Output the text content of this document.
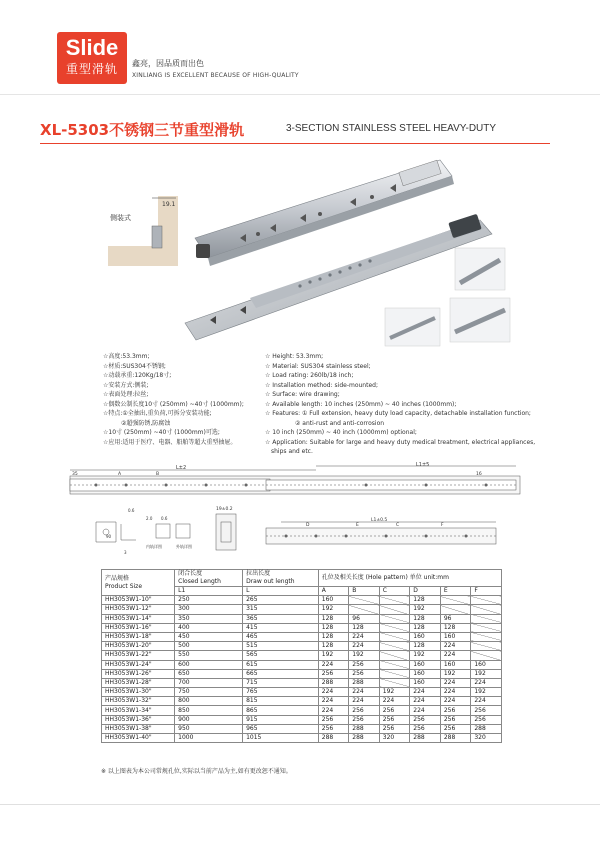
Slide
重型滑轨	鑫亮，因品质而出色
XINLIANG IS EXCELLENT BECAUSE OF HIGH-QUALITY
XL-5303不锈钢三节重型滑轨	3-SECTION STAINLESS STEEL HEAVY-DUTY
19.1
侧装式
☆高度:53.3mm;
☆材质:SUS304不锈钢;
☆动载承重:120Kg/18寸;
☆安装方式:侧装;
☆表面处理:拉丝;
☆偶数公制长度10寸 (250mm) ~40寸 (1000mm);
☆特点:①全抽出,重负荷,可拆分安装功能;
　　　②超强防锈,防腐蚀
☆10寸 (250mm) ~40寸 (1000mm)可选;
☆应用:适用于医疗、电器、船舶等超大重型抽屉。
☆ Height: 53.3mm;
☆ Material: SUS304 stainless steel;
☆ Load rating: 260lb/18 inch;
☆ Installation method: side-mounted;
☆ Surface: wire drawing;
☆ Available length: 10 inches (250mm) ~ 40 inches (1000mm);
☆ Features: ① Full extension, heavy duty load capacity, detachable installation function;
　　　　　② anti-rust and anti-corrosion
☆ 10 inch (250mm) ~ 40 inch (1000mm) optional;
☆ Application: Suitable for large and heavy duty medical treatment, electrical appliances,
　ships and etc.
L±2	L1±5
35	A	B	16
0.6
2.0 0.6
90
3
内轨详图	外轨详图
19±0.2
L1±0.5
D	E	F
C
产品规格
Product Size	闭合长度
Closed Length	拉出长度
Draw out length	孔位及相关长度 (Hole pattern) 单位 unit:mm					
	L1	L	A	B	C	D	E	F
HH3053W1-10"	250	265	160			128		
HH3053W1-12"	300	315	192			192		
HH3053W1-14"	350	365	128	96		128	96	
HH3053W1-16"	400	415	128	128		128	128	
HH3053W1-18"	450	465	128	224		160	160	
HH3053W1-20"	500	515	128	224		128	224	
HH3053W1-22"	550	565	192	192		192	224	
HH3053W1-24"	600	615	224	256		160	160	160
HH3053W1-26"	650	665	256	256		160	192	192
HH3053W1-28"	700	715	288	288		160	224	224
HH3053W1-30"	750	765	224	224	192	224	224	192
HH3053W1-32"	800	815	224	224	224	224	224	224
HH3053W1-34"	850	865	224	256	256	224	256	256
HH3053W1-36"	900	915	256	256	256	256	256	256
HH3053W1-38"	950	965	256	288	256	256	256	288
HH3053W1-40"	1000	1015	288	288	320	288	288	320
※ 以上图表为本公司常规孔位,实际以当前产品为主,如有更改恕不通知。
